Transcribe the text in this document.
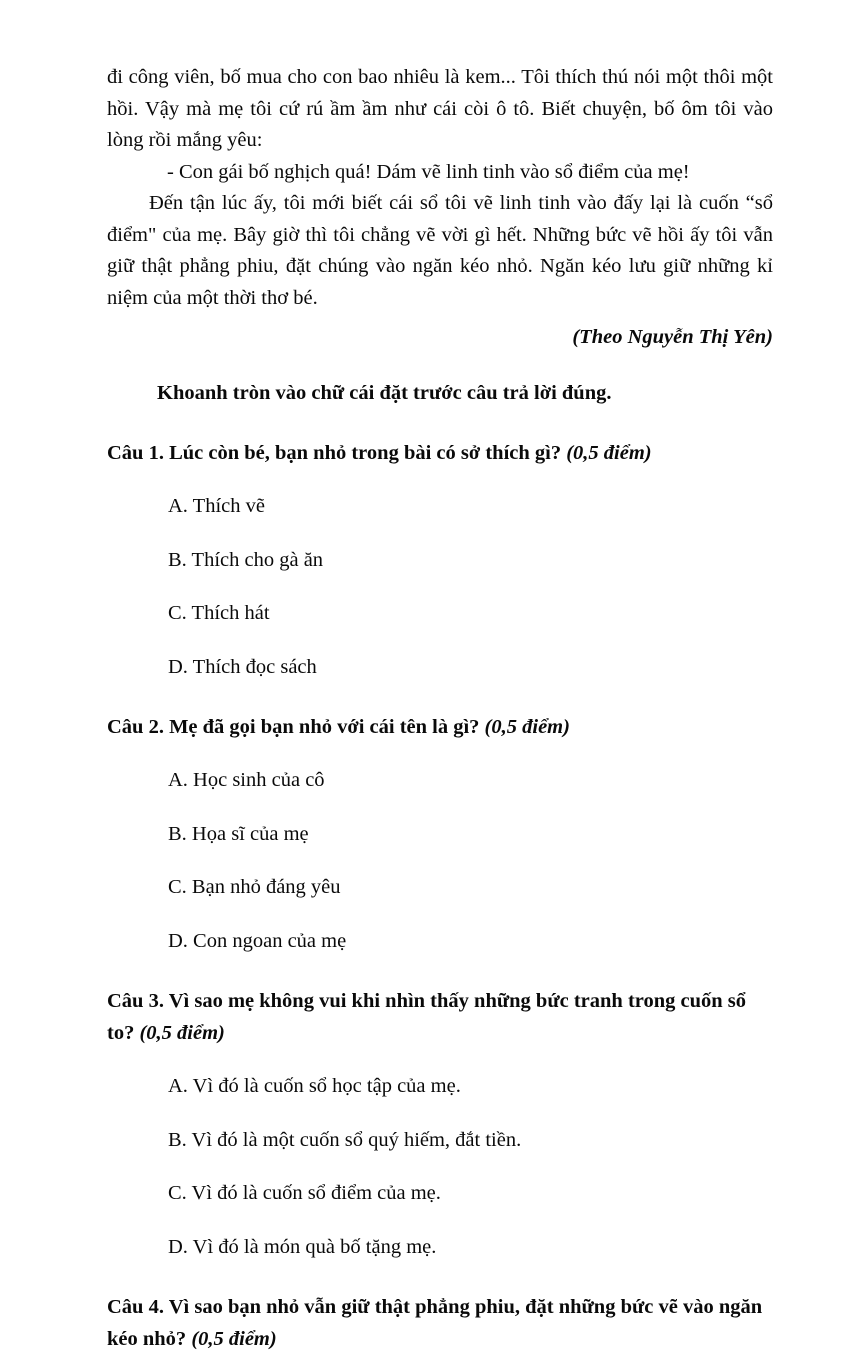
đi công viên, bố mua cho con bao nhiêu là kem... Tôi thích thú nói một thôi một hồi. Vậy mà mẹ tôi cứ rú ầm ầm như cái còi ô tô. Biết chuyện, bố ôm tôi vào lòng rồi mắng yêu:

- Con gái bố nghịch quá! Dám vẽ linh tinh vào sổ điểm của mẹ!

Đến tận lúc ấy, tôi mới biết cái sổ tôi vẽ linh tinh vào đấy lại là cuốn “sổ điểm" của mẹ. Bây giờ thì tôi chẳng vẽ vời gì hết. Những bức vẽ hồi ấy tôi vẫn giữ thật phẳng phiu, đặt chúng vào ngăn kéo nhỏ. Ngăn kéo lưu giữ những kỉ niệm của một thời thơ bé.

(Theo Nguyễn Thị Yên)

Khoanh tròn vào chữ cái đặt trước câu trả lời đúng.

Câu 1. Lúc còn bé, bạn nhỏ trong bài có sở thích gì? (0,5 điểm)

A. Thích vẽ
B. Thích cho gà ăn
C. Thích hát
D. Thích đọc sách

Câu 2. Mẹ đã gọi bạn nhỏ với cái tên là gì? (0,5 điểm)

A. Học sinh của cô
B. Họa sĩ của mẹ
C. Bạn nhỏ đáng yêu
D. Con ngoan của mẹ

Câu 3. Vì sao mẹ không vui khi nhìn thấy những bức tranh trong cuốn sổ to? (0,5 điểm)

A. Vì đó là cuốn sổ học tập của mẹ.
B. Vì đó là một cuốn sổ quý hiếm, đắt tiền.
C. Vì đó là cuốn sổ điểm của mẹ.
D. Vì đó là món quà bố tặng mẹ.

Câu 4. Vì sao bạn nhỏ vẫn giữ thật phẳng phiu, đặt những bức vẽ vào ngăn kéo nhỏ? (0,5 điểm)
